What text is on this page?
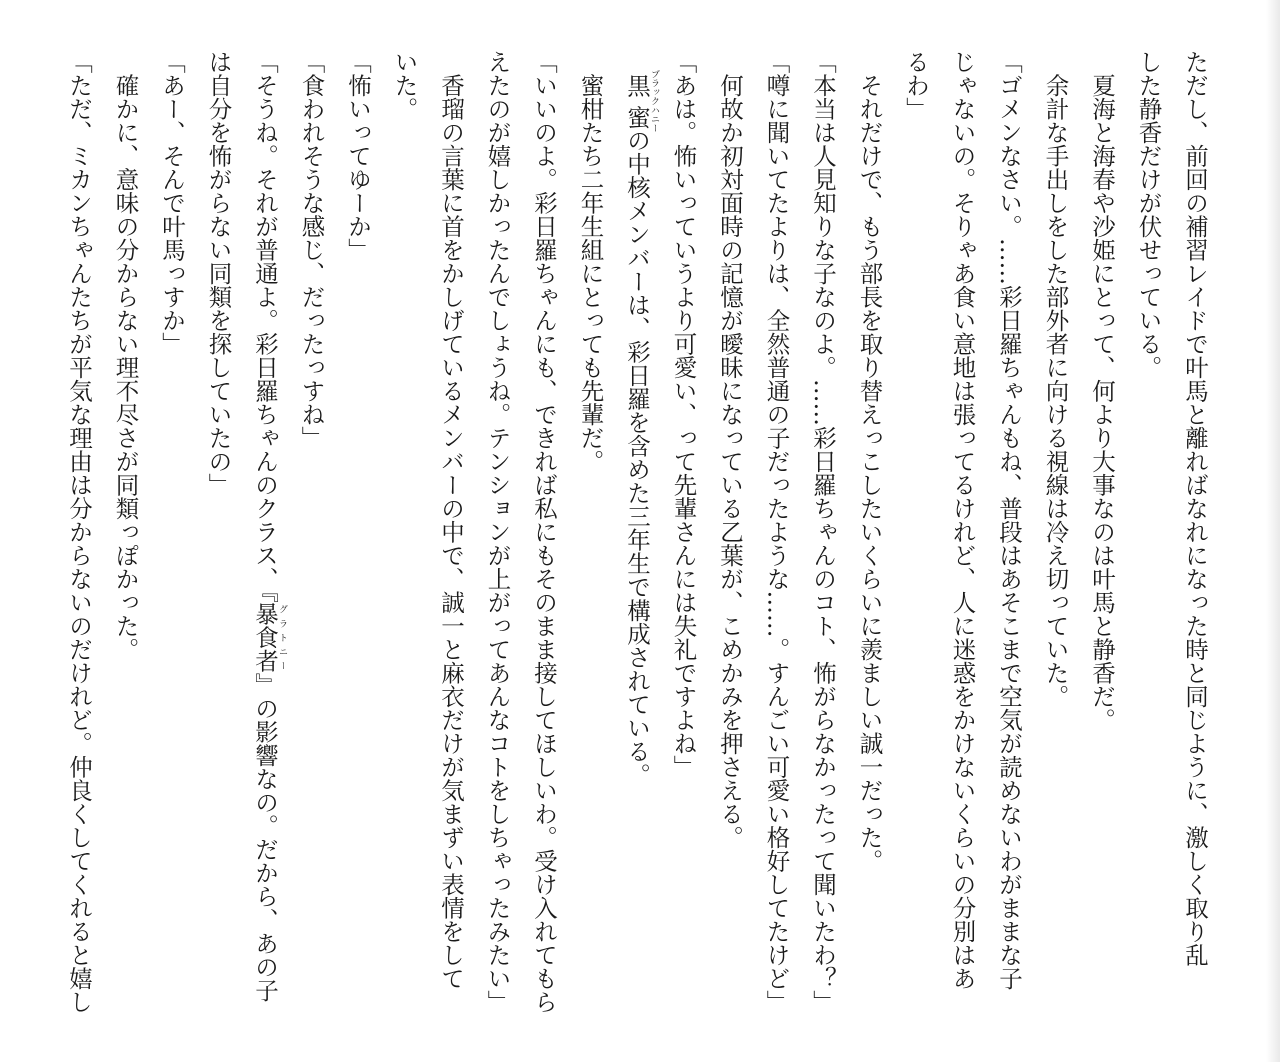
ただし、前回の補習レイドで叶馬と離ればなれになった時と同じように、激しく取り乱
した静香だけが伏せっている。
　夏海と海春や沙姫にとって、何より大事なのは叶馬と静香だ。
　余計な手出しをした部外者に向ける視線は冷え切っていた。
「ゴメンなさい。……彩日羅ちゃんもね、普段はあそこまで空気が読めないわがままな子
じゃないの。そりゃあ食い意地は張ってるけれど、人に迷惑をかけないくらいの分別はあ
るわ」
　それだけで、もう部長を取り替えっこしたいくらいに羨ましい誠一だった。
「本当は人見知りな子なのよ。……彩日羅ちゃんのコト、怖がらなかったって聞いたわ？」
「噂に聞いてたよりは、全然普通の子だったような……。すんごい可愛い格好してたけど」
　何故か初対面時の記憶が曖昧になっている乙葉が、こめかみを押さえる。
「あは。怖いっていうより可愛い、って先輩さんには失礼ですよね」
　黒蜜ブラックハニーの中核メンバーは、彩日羅を含めた三年生で構成されている。
　蜜柑たち二年生組にとっても先輩だ。
「いいのよ。彩日羅ちゃんにも、できれば私にもそのまま接してほしいわ。受け入れてもら
えたのが嬉しかったんでしょうね。テンションが上がってあんなコトをしちゃったみたい」
　香瑠の言葉に首をかしげているメンバーの中で、誠一と麻衣だけが気まずい表情をして
いた。
「怖いってゆーか」
「食われそうな感じ、だったっすね」
「そうね。それが普通よ。彩日羅ちゃんのクラス、『暴食者グラトニー』の影響なの。だから、あの子
は自分を怖がらない同類を探していたの」
「あー、そんで叶馬っすか」
　確かに、意味の分からない理不尽さが同類っぽかった。
「ただ、ミカンちゃんたちが平気な理由は分からないのだけれど。仲良くしてくれると嬉し
